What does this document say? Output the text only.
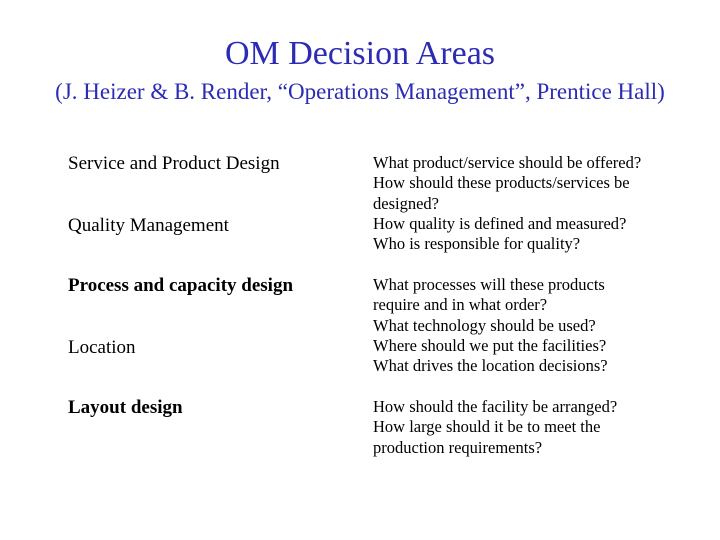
OM Decision Areas
(J. Heizer & B. Render, “Operations Management”, Prentice Hall)
Service and Product Design
Quality Management
Process and capacity design
Location
Layout design
What product/service should be offered?
How should these products/services be
designed?
How quality is defined and measured?
Who is responsible for quality?
What processes will these products
require and in what order?
What technology should be used?
Where should we put the facilities?
What drives the location decisions?
How should the facility be arranged?
How large should it be to meet the
production requirements?
